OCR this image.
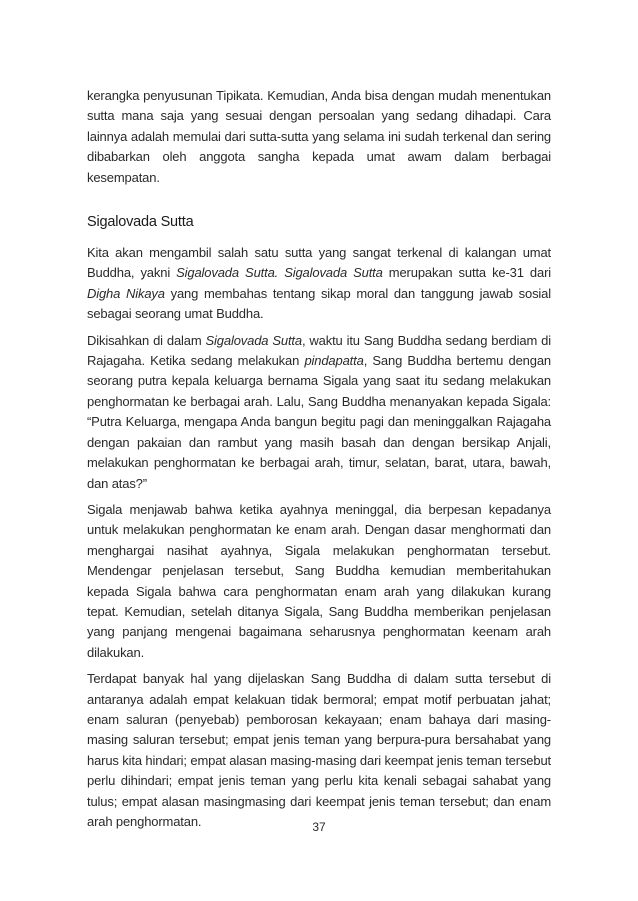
kerangka penyusunan Tipikata. Kemudian, Anda bisa dengan mudah menentukan sutta mana saja yang sesuai dengan persoalan yang sedang dihadapi. Cara lainnya adalah memulai dari sutta-sutta yang selama ini sudah terkenal dan sering dibabarkan oleh anggota sangha kepada umat awam dalam berbagai kesempatan.

Sigalovada Sutta

Kita akan mengambil salah satu sutta yang sangat terkenal di kalangan umat Buddha, yakni Sigalovada Sutta. Sigalovada Sutta merupakan sutta ke-31 dari Digha Nikaya yang membahas tentang sikap moral dan tanggung jawab sosial sebagai seorang umat Buddha.

Dikisahkan di dalam Sigalovada Sutta, waktu itu Sang Buddha sedang berdiam di Rajagaha. Ketika sedang melakukan pindapatta, Sang Buddha bertemu dengan seorang putra kepala keluarga bernama Sigala yang saat itu sedang melakukan penghormatan ke berbagai arah. Lalu, Sang Buddha menanyakan kepada Sigala: “Putra Keluarga, mengapa Anda bangun begitu pagi dan meninggalkan Rajagaha dengan pakaian dan rambut yang masih basah dan dengan bersikap Anjali, melakukan penghormatan ke berbagai arah, timur, selatan, barat, utara, bawah, dan atas?”

Sigala menjawab bahwa ketika ayahnya meninggal, dia berpesan kepadanya untuk melakukan penghormatan ke enam arah. Dengan dasar menghormati dan menghargai nasihat ayahnya, Sigala melakukan penghormatan tersebut. Mendengar penjelasan tersebut, Sang Buddha kemudian memberitahukan kepada Sigala bahwa cara penghormatan enam arah yang dilakukan kurang tepat. Kemudian, setelah ditanya Sigala, Sang Buddha memberikan penjelasan yang panjang mengenai bagaimana seharusnya penghormatan keenam arah dilakukan.

Terdapat banyak hal yang dijelaskan Sang Buddha di dalam sutta tersebut di antaranya adalah empat kelakuan tidak bermoral; empat motif perbuatan jahat; enam saluran (penyebab) pemborosan kekayaan; enam bahaya dari masing-masing saluran tersebut; empat jenis teman yang berpura-pura bersahabat yang harus kita hindari; empat alasan masing-masing dari keempat jenis teman tersebut perlu dihindari; empat jenis teman yang perlu kita kenali sebagai sahabat yang tulus; empat alasan masingmasing dari keempat jenis teman tersebut; dan enam arah penghormatan.	37
